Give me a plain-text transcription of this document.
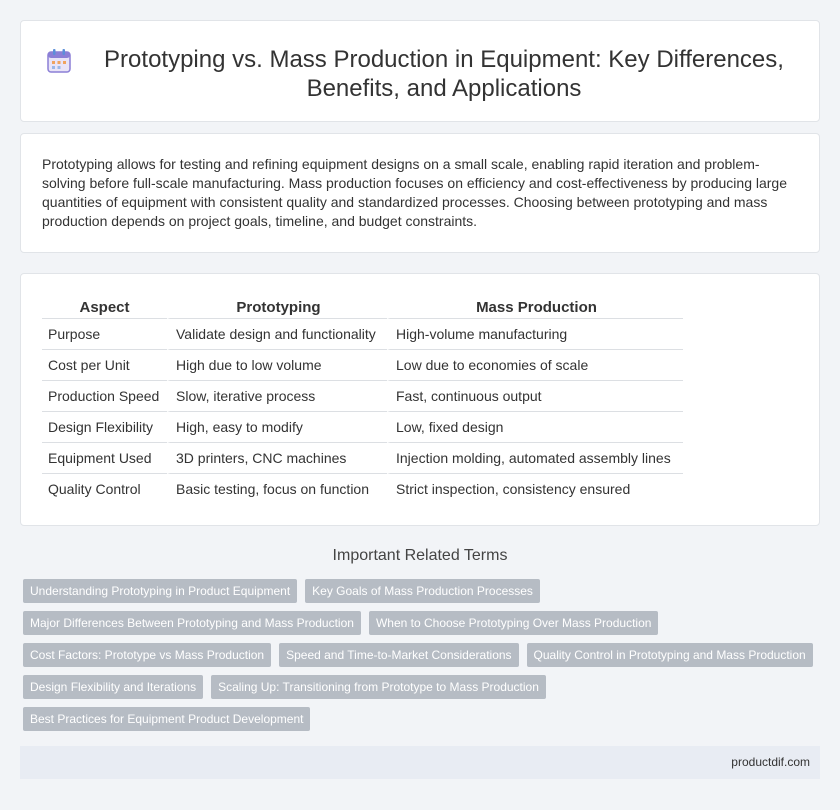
Prototyping vs. Mass Production in Equipment: Key Differences, Benefits, and Applications

Prototyping allows for testing and refining equipment designs on a small scale, enabling rapid iteration and problem-solving before full-scale manufacturing. Mass production focuses on efficiency and cost-effectiveness by producing large quantities of equipment with consistent quality and standardized processes. Choosing between prototyping and mass production depends on project goals, timeline, and budget constraints.

Aspect	Prototyping	Mass Production
Purpose	Validate design and functionality	High-volume manufacturing
Cost per Unit	High due to low volume	Low due to economies of scale
Production Speed	Slow, iterative process	Fast, continuous output
Design Flexibility	High, easy to modify	Low, fixed design
Equipment Used	3D printers, CNC machines	Injection molding, automated assembly lines
Quality Control	Basic testing, focus on function	Strict inspection, consistency ensured
Important Related Terms
Understanding Prototyping in Product Equipment	Key Goals of Mass Production Processes
Major Differences Between Prototyping and Mass Production	When to Choose Prototyping Over Mass Production
Cost Factors: Prototype vs Mass Production	Speed and Time-to-Market Considerations	Quality Control in Prototyping and Mass Production
Design Flexibility and Iterations	Scaling Up: Transitioning from Prototype to Mass Production
Best Practices for Equipment Product Development
productdif.com
